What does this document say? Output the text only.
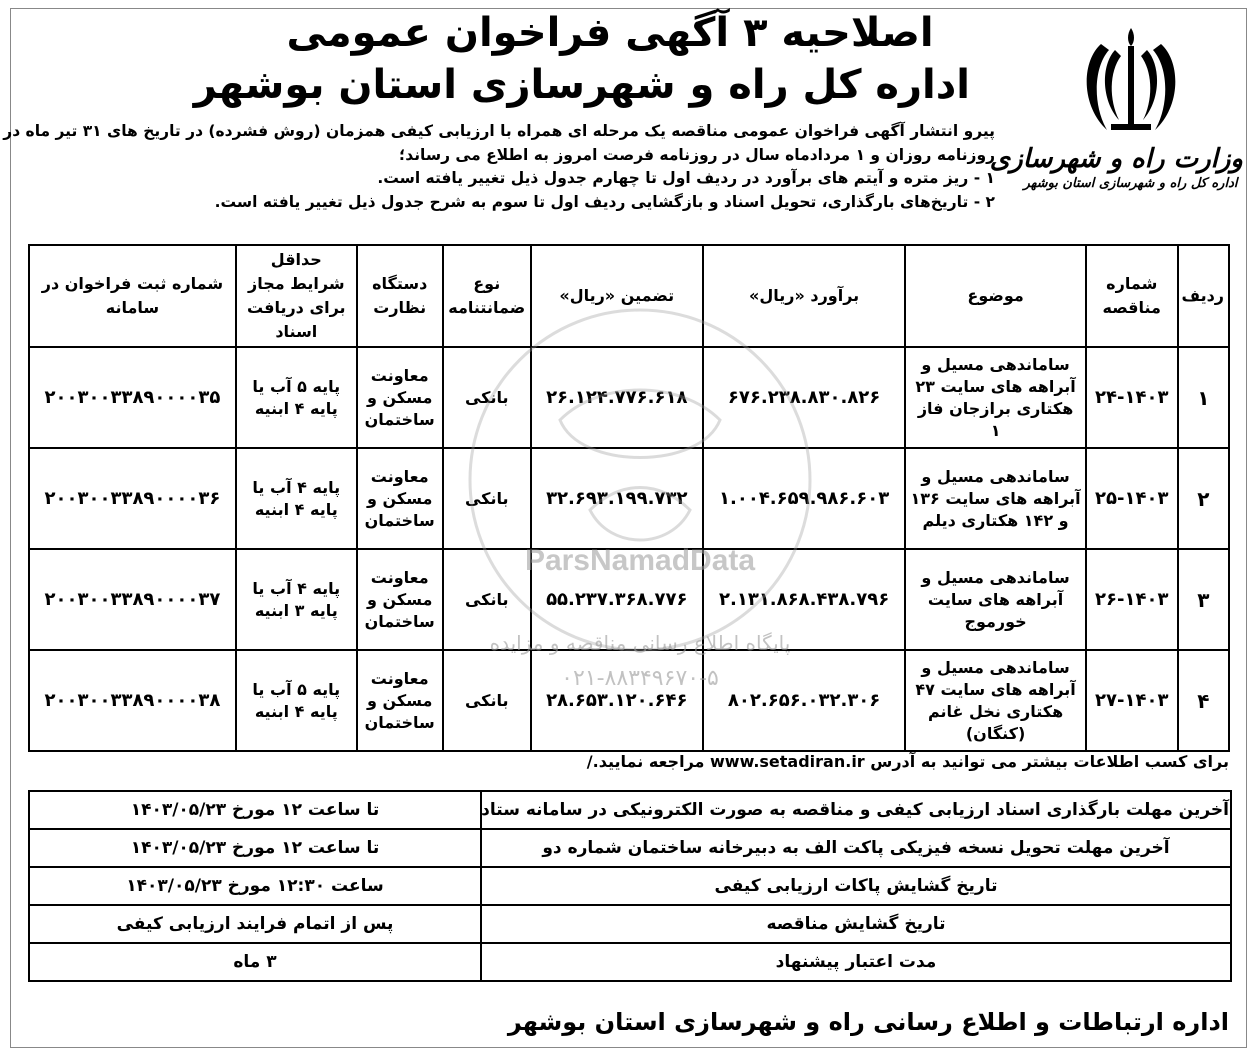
وزارت راه و شهرسازی
اداره کل راه و شهرسازی استان بوشهر
اصلاحیه ۳ آگهی فراخوان عمومی
اداره کل راه و شهرسازی استان بوشهر
پیرو انتشار آگهی فراخوان عمومی مناقصه یک مرحله ای همراه با ارزیابی کیفی همزمان (روش فشرده) در تاریخ های ۳۱ تیر ماه در
روزنامه روزان و ۱ مردادماه سال در روزنامه فرصت امروز به اطلاع می رساند؛
۱ - ریز متره و آیتم های برآورد در ردیف اول تا چهارم جدول ذیل تغییر یافته است.
۲ - تاریخ‌های بارگذاری، تحویل اسناد و بازگشایی ردیف اول تا سوم به شرح جدول ذیل تغییر یافته است.
ردیف	شماره مناقصه	موضوع	برآورد «ریال»	تضمین «ریال»	نوع ضمانتنامه	دستگاه نظارت	حداقل شرایط مجاز برای دریافت اسناد	شماره ثبت فراخوان در سامانه
۱	۲۴-۱۴۰۳	ساماندهی مسیل و آبراهه های سایت ۲۳ هکتاری برازجان فاز ۱	۶۷۶.۲۳۸.۸۳۰.۸۲۶	۲۶.۱۲۴.۷۷۶.۶۱۸	بانکی	معاونت مسکن و ساختمان	پایه ۵ آب یا پایه ۴ ابنیه	۲۰۰۳۰۰۳۳۸۹۰۰۰۰۳۵
۲	۲۵-۱۴۰۳	ساماندهی مسیل و آبراهه های سایت ۱۳۶ و ۱۴۲ هکتاری دیلم	۱.۰۰۴.۶۵۹.۹۸۶.۶۰۳	۳۲.۶۹۳.۱۹۹.۷۳۲	بانکی	معاونت مسکن و ساختمان	پایه ۴ آب یا پایه ۴ ابنیه	۲۰۰۳۰۰۳۳۸۹۰۰۰۰۳۶
۳	۲۶-۱۴۰۳	ساماندهی مسیل و آبراهه های سایت خورموج	۲.۱۳۱.۸۶۸.۴۳۸.۷۹۶	۵۵.۲۳۷.۳۶۸.۷۷۶	بانکی	معاونت مسکن و ساختمان	پایه ۴ آب یا پایه ۳ ابنیه	۲۰۰۳۰۰۳۳۸۹۰۰۰۰۳۷
۴	۲۷-۱۴۰۳	ساماندهی مسیل و آبراهه های سایت ۴۷ هکتاری نخل غانم (کنگان)	۸۰۲.۶۵۶.۰۳۲.۳۰۶	۲۸.۶۵۳.۱۲۰.۶۴۶	بانکی	معاونت مسکن و ساختمان	پایه ۵ آب یا پایه ۴ ابنیه	۲۰۰۳۰۰۳۳۸۹۰۰۰۰۳۸
برای کسب اطلاعات بیشتر می توانید به آدرس www.setadiran.ir مراجعه نمایید./
آخرین مهلت بارگذاری اسناد ارزیابی کیفی و مناقصه به صورت الکترونیکی در سامانه ستاد	تا ساعت ۱۲ مورخ ۱۴۰۳/۰۵/۲۳
آخرین مهلت تحویل نسخه فیزیکی پاکت الف به دبیرخانه ساختمان شماره دو	تا ساعت ۱۲ مورخ ۱۴۰۳/۰۵/۲۳
تاریخ گشایش پاکات ارزیابی کیفی	ساعت ۱۲:۳۰ مورخ ۱۴۰۳/۰۵/۲۳
تاریخ گشایش مناقصه	پس از اتمام فرایند ارزیابی کیفی
مدت اعتبار پیشنهاد	۳ ماه
اداره ارتباطات و اطلاع رسانی راه و شهرسازی استان بوشهر
ParsNamadData
پایگاه اطلاع رسانی مناقصه و مزایده
۰۲۱-۸۸۳۴۹۶۷۰-۵
